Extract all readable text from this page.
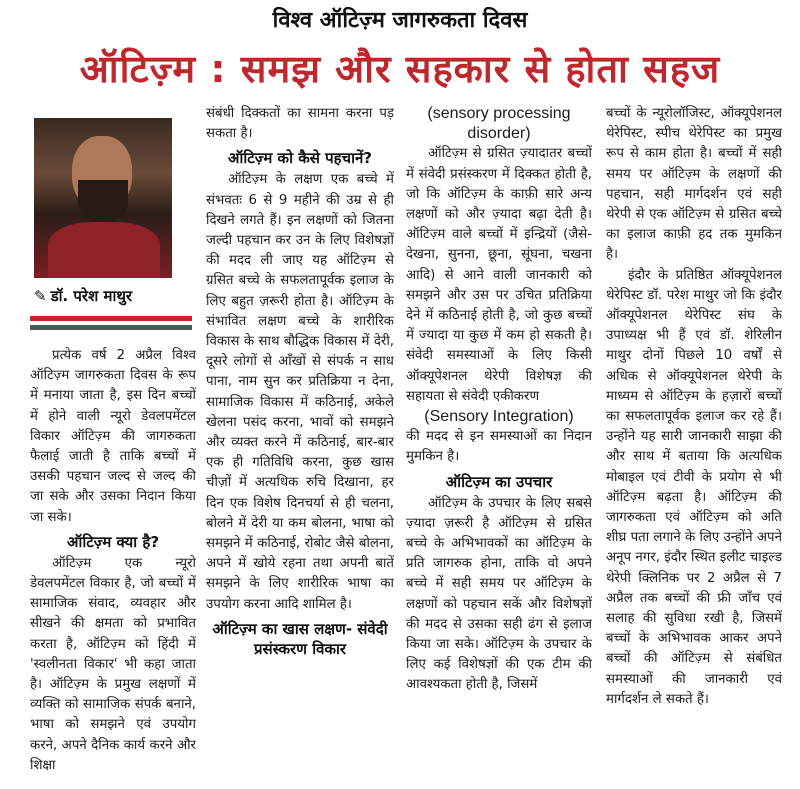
विश्व ऑटिज़्म जागरुकता दिवस
ऑटिज़्म : समझ और सहकार से होता सहज
✎ डॉ. परेश माथुर

प्रत्येक वर्ष 2 अप्रैल विश्व ऑटिज़्म जागरुकता दिवस के रूप में मनाया जाता है, इस दिन बच्चों में होने वाली न्यूरो डेवलपमेंटल विकार ऑटिज़्म की जागरुकता फैलाई जाती है ताकि बच्चों में उसकी पहचान जल्द से जल्द की जा सके और उसका निदान किया जा सके।

ऑटिज़्म क्या है?

ऑटिज़्म एक न्यूरो डेवलपमेंटल विकार है, जो बच्चों में सामाजिक संवाद, व्यवहार और सीखने की क्षमता को प्रभावित करता है, ऑटिज़्म को हिंदी में 'स्वलीनता विकार' भी कहा जाता है। ऑटिज़्म के प्रमुख लक्षणों में व्यक्ति को सामाजिक संपर्क बनाने, भाषा को समझने एवं उपयोग करने, अपने दैनिक कार्य करने और शिक्षा

संबंधी दिक्कतों का सामना करना पड़ सकता है।

ऑटिज़्म को कैसे पहचानें?

ऑटिज़्म के लक्षण एक बच्चे में संभवतः 6 से 9 महीने की उम्र से ही दिखने लगते हैं। इन लक्षणों को जितना जल्दी पहचान कर उन के लिए विशेषज्ञों की मदद ली जाए यह ऑटिज़्म से ग्रसित बच्चे के सफलतापूर्वक इलाज के लिए बहुत ज़रूरी होता है। ऑटिज़्म के संभावित लक्षण बच्चे के शारीरिक विकास के साथ बौद्धिक विकास में देरी, दूसरे लोगों से आँखों से संपर्क न साध पाना, नाम सुन कर प्रतिक्रिया न देना, सामाजिक विकास में कठिनाई, अकेले खेलना पसंद करना, भावों को समझने और व्यक्त करने में कठिनाई, बार-बार एक ही गतिविधि करना, कुछ खास चीज़ों में अत्यधिक रुचि दिखाना, हर दिन एक विशेष दिनचर्या से ही चलना, बोलने में देरी या कम बोलना, भाषा को समझने में कठिनाई, रोबोट जैसे बोलना, अपने में खोये रहना तथा अपनी बातें समझने के लिए शारीरिक भाषा का उपयोग करना आदि शामिल है।

ऑटिज़्म का खास लक्षण- संवेदी प्रसंस्करण विकार

(sensory processing disorder)

ऑटिज़्म से ग्रसित ज़्यादातर बच्चों में संवेदी प्रसंस्करण में दिक्कत होती है, जो कि ऑटिज़्म के काफ़ी सारे अन्य लक्षणों को और ज़्यादा बढ़ा देती है। ऑटिज़्म वाले बच्चों में इन्द्रियों (जैसे- देखना, सुनना, छूना, सूंघना, चखना आदि) से आने वाली जानकारी को समझने और उस पर उचित प्रतिक्रिया देने में कठिनाई होती है, जो कुछ बच्चों में ज्यादा या कुछ में कम हो सकती है। संवेदी समस्याओं के लिए किसी ऑक्यूपेशनल थेरेपी विशेषज्ञ की सहायता से संवेदी एकीकरण

(Sensory Integration)

की मदद से इन समस्याओं का निदान मुमकिन है।

ऑटिज़्म का उपचार

ऑटिज़्म के उपचार के लिए सबसे ज़्यादा ज़रूरी है ऑटिज़्म से ग्रसित बच्चे के अभिभावकों का ऑटिज़्म के प्रति जागरुक होना, ताकि वो अपने बच्चे में सही समय पर ऑटिज़्म के लक्षणों को पहचान सकें और विशेषज्ञों की मदद से उसका सही ढंग से इलाज किया जा सके। ऑटिज़्म के उपचार के लिए कई विशेषज्ञों की एक टीम की आवश्यकता होती है, जिसमें

बच्चों के न्यूरोलॉजिस्ट, ऑक्यूपेशनल थेरेपिस्ट, स्पीच थेरेपिस्ट का प्रमुख रूप से काम होता है। बच्चों में सही समय पर ऑटिज़्म के लक्षणों की पहचान, सही मार्गदर्शन एवं सही थेरेपी से एक ऑटिज़्म से ग्रसित बच्चे का इलाज काफ़ी हद तक मुमकिन है।

इंदौर के प्रतिष्ठित ऑक्यूपेशनल थेरेपिस्ट डॉ. परेश माथुर जो कि इंदौर ऑक्यूपेशनल थेरेपिस्ट संघ के उपाध्यक्ष भी हैं एवं डॉ. शेरिलीन माथुर दोनों पिछले 10 वर्षों से अधिक से ऑक्यूपेशनल थेरेपी के माध्यम से ऑटिज़्म के हज़ारों बच्चों का सफलतापूर्वक इलाज कर रहे हैं। उन्होंने यह सारी जानकारी साझा की और साथ में बताया कि अत्यधिक मोबाइल एवं टीवी के प्रयोग से भी ऑटिज़्म बढ़ता है। ऑटिज़्म की जागरुकता एवं ऑटिज़्म को अति शीघ्र पता लगाने के लिए उन्होंने अपने अनूप नगर, इंदौर स्थित इलीट चाइल्ड थेरेपी क्लिनिक पर 2 अप्रैल से 7 अप्रैल तक बच्चों की फ्री जाँच एवं सलाह की सुविधा रखी है, जिसमें बच्चों के अभिभावक आकर अपने बच्चों की ऑटिज़्म से संबंधित समस्याओं की जानकारी एवं मार्गदर्शन ले सकते हैं।
